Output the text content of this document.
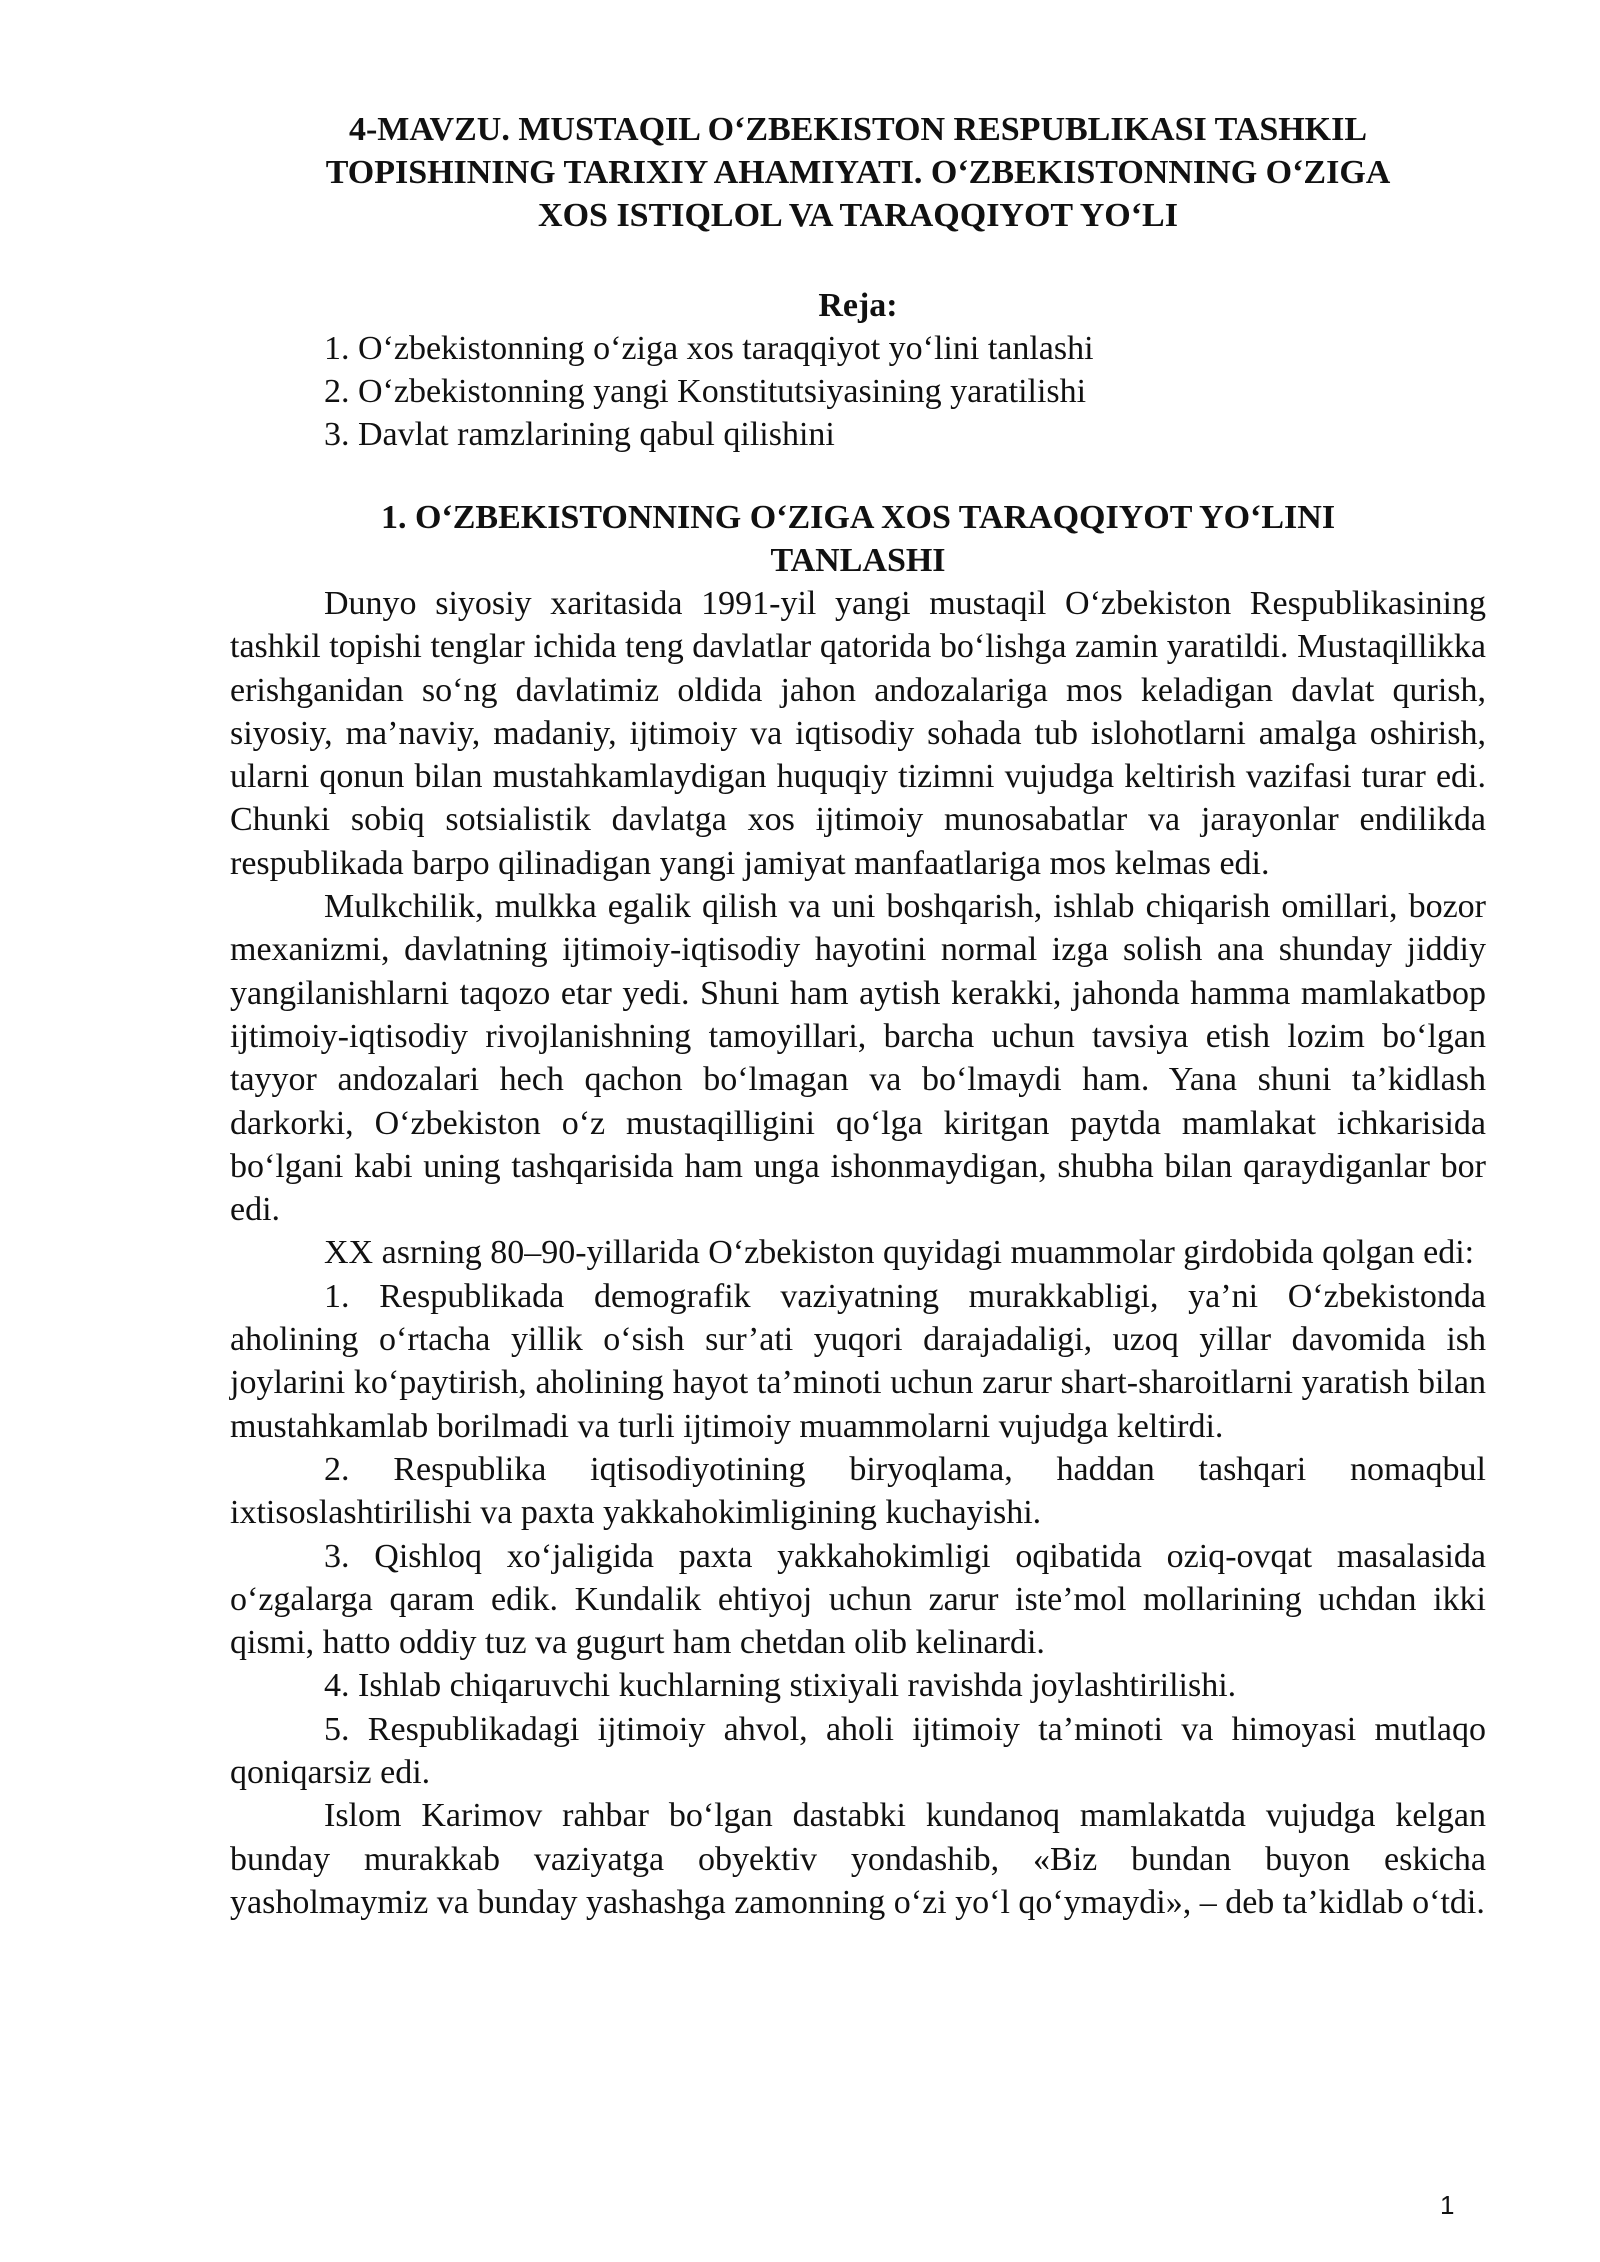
4-MAVZU. MUSTAQIL O‘ZBEKISTON RESPUBLIKASI TASHKIL
TOPISHINING TARIXIY AHAMIYATI. O‘ZBEKISTONNING O‘ZIGA
XOS ISTIQLOL VA TARAQQIYOT YO‘LI
Reja:
1. O‘zbekistonning o‘ziga xos taraqqiyot yo‘lini tanlashi
2. O‘zbekistonning yangi Konstitutsiyasining yaratilishi
3. Davlat ramzlarining qabul qilishini
1. O‘ZBEKISTONNING O‘ZIGA XOS TARAQQIYOT YO‘LINI
TANLASHI

Dunyo siyosiy xaritasida 1991-yil yangi mustaqil O‘zbekiston Respublikasining tashkil topishi tenglar ichida teng davlatlar qatorida bo‘lishga zamin yaratildi. Mustaqillikka erishganidan so‘ng davlatimiz oldida jahon andozalariga mos keladigan davlat qurish, siyosiy, ma’naviy, madaniy, ijtimoiy va iqtisodiy sohada tub islohotlarni amalga oshirish, ularni qonun bilan mustahkamlaydigan huquqiy tizimni vujudga keltirish vazifasi turar edi. Chunki sobiq sotsialistik davlatga xos ijtimoiy munosabatlar va jarayonlar endilikda respublikada barpo qilinadigan yangi jamiyat manfaatlariga mos kelmas edi.

Mulkchilik, mulkka egalik qilish va uni boshqarish, ishlab chiqarish omillari, bozor mexanizmi, davlatning ijtimoiy-iqtisodiy hayotini normal izga solish ana shunday jiddiy yangilanishlarni taqozo etar yedi. Shuni ham aytish kerakki, jahonda hamma mamlakatbop ijtimoiy-iqtisodiy rivojlanishning tamoyillari, barcha uchun tavsiya etish lozim bo‘lgan tayyor andozalari hech qachon bo‘lmagan va bo‘lmaydi ham. Yana shuni ta’kidlash darkorki, O‘zbekiston o‘z mustaqilligini qo‘lga kiritgan paytda mamlakat ichkarisida bo‘lgani kabi uning tashqarisida ham unga ishonmaydigan, shubha bilan qaraydiganlar bor edi.

XX asrning 80–90-yillarida Oʻzbekiston quyidagi muammolar girdobida qolgan edi:

1. Respublikada demografik vaziyatning murakkabligi, ya’ni O‘zbekistonda aholining o‘rtacha yillik o‘sish sur’ati yuqori darajadaligi, uzoq yillar davomida ish joylarini ko‘paytirish, aholining hayot ta’minoti uchun zarur shart-sharoitlarni yaratish bilan mustahkamlab borilmadi va turli ijtimoiy muammolarni vujudga keltirdi.

2. Respublika iqtisodiyotining biryoqlama, haddan tashqari nomaqbul ixtisoslashtirilishi va paxta yakkahokimligining kuchayishi.

3. Qishloq xo‘jaligida paxta yakkahokimligi oqibatida oziq-ovqat masalasida o‘zgalarga qaram edik. Kundalik ehtiyoj uchun zarur iste’mol mollarining uchdan ikki qismi, hatto oddiy tuz va gugurt ham chetdan olib kelinardi.

4. Ishlab chiqaruvchi kuchlarning stixiyali ravishda joylashtirilishi.

5. Respublikadagi ijtimoiy ahvol, aholi ijtimoiy ta’minoti va himoyasi mutlaqo qoniqarsiz edi.

Islom Karimov rahbar bo‘lgan dastabki kundanoq mamlakatda vujudga kelgan bunday murakkab vaziyatga obyektiv yondashib, «Biz bundan buyon eskicha yasholmaymiz va bunday yashashga zamonning o‘zi yo‘l qo‘ymaydi», – deb ta’kidlab o‘tdi.

1
